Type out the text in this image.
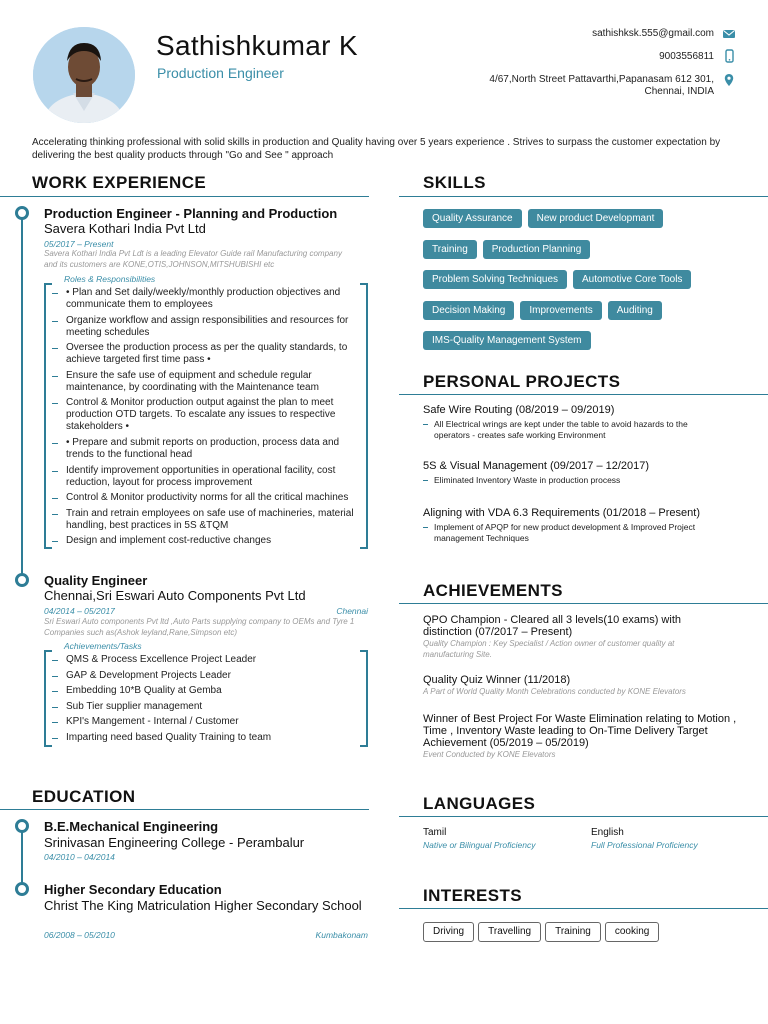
Sathishkumar K
Production Engineer
sathishksk.555@gmail.com
9003556811
4/67,North Street Pattavarthi,Papanasam 612 301,
Chennai, INDIA
Accelerating thinking professional with solid skills in production and Quality having over 5 years experience . Strives to surpass the customer expectation by delivering the best quality products through "Go and See " approach
WORK EXPERIENCE
Production Engineer - Planning and Production
Savera Kothari India Pvt Ltd
05/2017 – Present
Savera Kothari India Pvt Ldt is a leading Elevator Guide rail Manufacturing company and its customers are KONE,OTIS,JOHNSON,MITSHUBISHI etc
Roles & Responsibilities
• Plan and Set daily/weekly/monthly production objectives and communicate them to employees
Organize workflow and assign responsibilities and resources for meeting schedules
Oversee the production process as per the quality standards, to achieve targeted first time pass •
Ensure the safe use of equipment and schedule regular maintenance, by coordinating with the Maintenance team
Control & Monitor production output against the plan to meet production OTD targets. To escalate any issues to respective stakeholders •
• Prepare and submit reports on production, process data and trends to the functional head
Identify improvement opportunities in operational facility, cost reduction, layout for process improvement
Control & Monitor productivity norms for all the critical machines
Train and retrain employees on safe use of machineries, material handling, best practices in 5S &TQM
Design and implement cost-reductive changes
Quality Engineer
Chennai,Sri Eswari Auto Components Pvt Ltd
04/2014 – 05/2017	Chennai
Sri Eswari Auto components Pvt ltd ,Auto Parts supplying company to OEMs and Tyre 1 Companies such as(Ashok leyland,Rane,Simpson etc)
Achievements/Tasks
QMS & Process Excellence Project Leader
GAP & Development Projects Leader
Embedding 10*B Quality at Gemba
Sub Tier supplier management
KPI's Mangement - Internal / Customer
Imparting need based Quality Training to team
EDUCATION
B.E.Mechanical Engineering
Srinivasan Engineering College - Perambalur
04/2010 – 04/2014
Higher Secondary Education
Christ The King Matriculation Higher Secondary School
06/2008 – 05/2010	Kumbakonam
SKILLS
Quality Assurance New product Developmant
Training Production Planning
Problem Solving Techniques Automotive Core Tools
Decision Making Improvements Auditing
IMS-Quality Management System
PERSONAL PROJECTS
Safe Wire Routing (08/2019 – 09/2019)
All Electrical wrings are kept under the table to avoid hazards to the operators - creates safe working Environment
5S & Visual Management (09/2017 – 12/2017)
Eliminated Inventory Waste in production process
Aligning with VDA 6.3 Requirements (01/2018 – Present)
Implement of APQP for new product development & Improved Project management Techniques
ACHIEVEMENTS
QPO Champion - Cleared all 3 levels(10 exams) with distinction (07/2017 – Present)
Quality Champion : Key Specialist / Action owner of customer quality at manufacturing Site.
Quality Quiz Winner (11/2018)
A Part of World Quality Month Celebrations conducted by KONE Elevators
Winner of Best Project For Waste Elimination relating to Motion , Time , Inventory Waste leading to On-Time Delivery Target Achievement (05/2019 – 05/2019)
Event Conducted by KONE Elevators
LANGUAGES
Tamil
Native or Bilingual Proficiency
English
Full Professional Proficiency
INTERESTS
Driving Travelling Training cooking
